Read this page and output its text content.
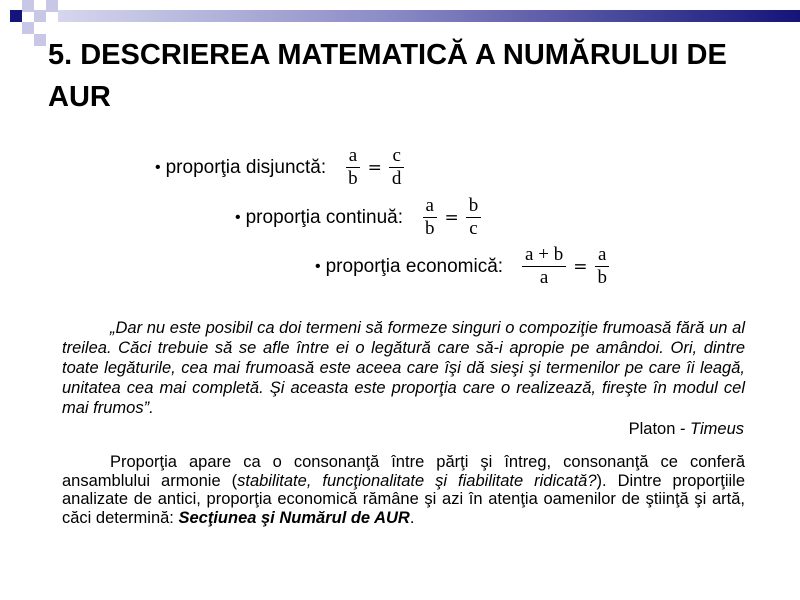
5. DESCRIEREA MATEMATICĂ A NUMĂRULUI DE AUR
• proporţia disjunctă: $\frac{a}{b} = \frac{c}{d}$
• proporţia continuă: $\frac{a}{b} = \frac{b}{c}$
• proporţia economică: $\frac{a + b}{a} = \frac{a}{b}$

„Dar nu este posibil ca doi termeni să formeze singuri o compoziţie frumoasă fără un al treilea. Căci trebuie să se afle între ei o legătură care să-i apropie pe amândoi. Ori, dintre toate legăturile, cea mai frumoasă este aceea care îşi dă sieşi şi termenilor pe care îi leagă, unitatea cea mai completă. Şi aceasta este proporţia care o realizează, fireşte în modul cel mai frumos”.

Platon - Timeus

Proporţia apare ca o consonanţă între părţi şi întreg, consonanţă ce conferă ansamblului armonie (stabilitate, funcţionalitate şi fiabilitate ridicată?). Dintre proporţiile analizate de antici, proporţia economică rămâne şi azi în atenţia oamenilor de ştiinţă şi artă, căci determină: Secţiunea şi Numărul de AUR.
